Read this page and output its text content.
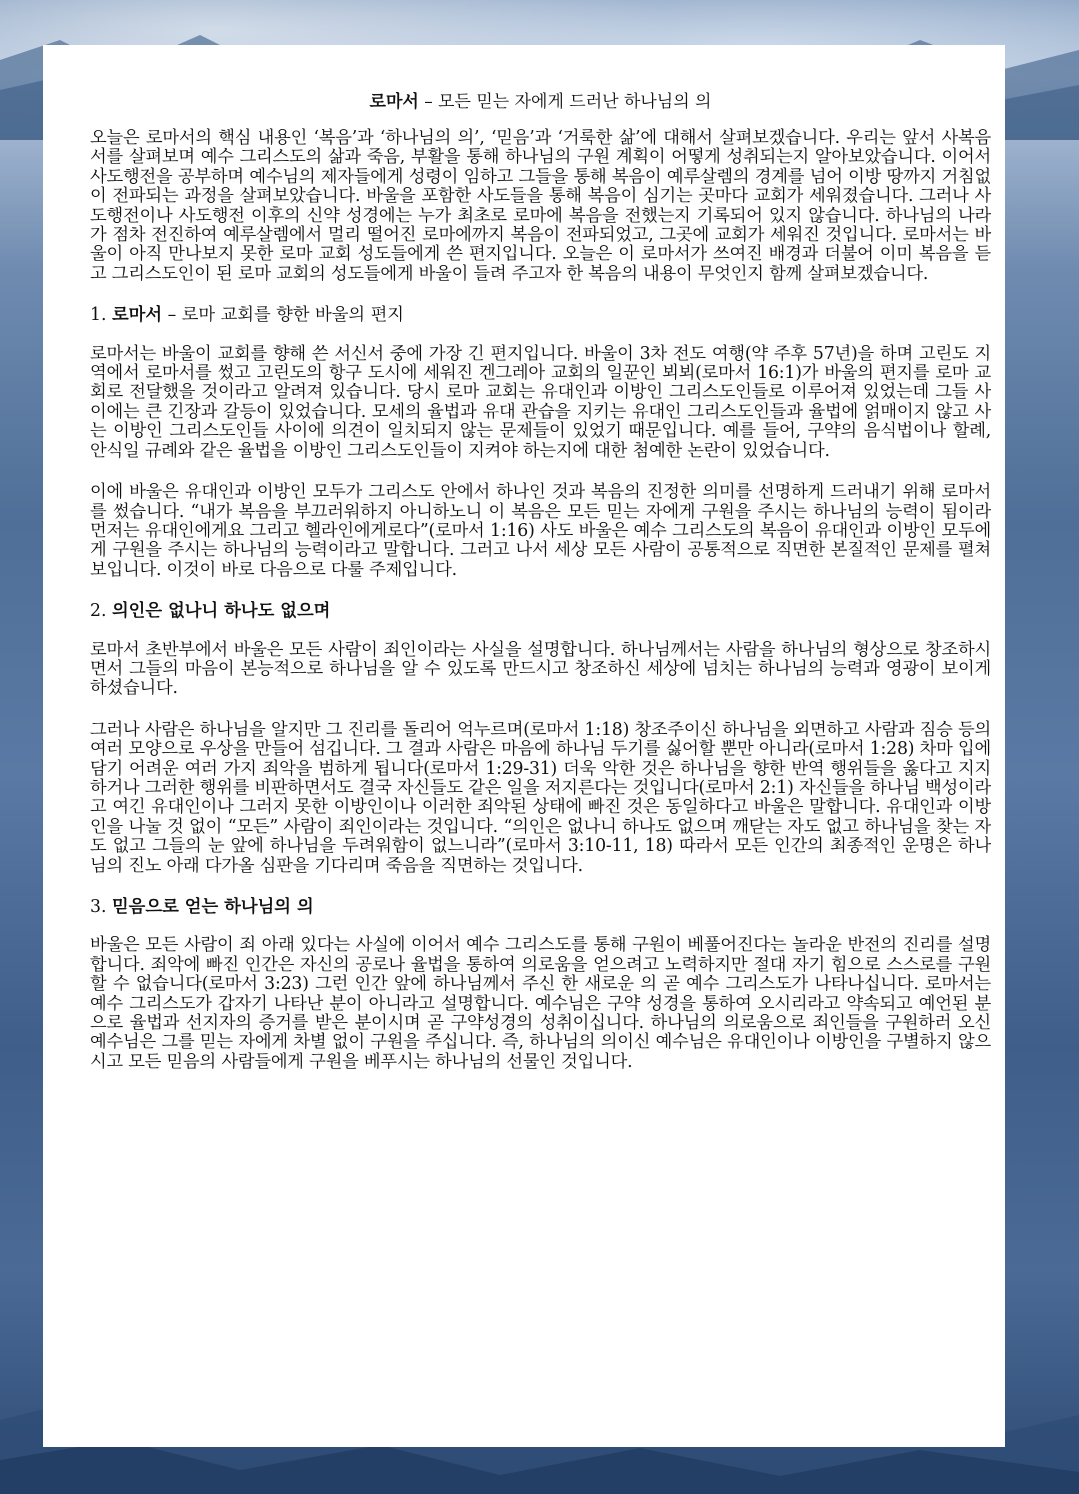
로마서 – 모든 믿는 자에게 드러난 하나님의 의

오늘은 로마서의 핵심 내용인 ‘복음’과 ‘하나님의 의’, ‘믿음’과 ‘거룩한 삶’에 대해서 살펴보겠습니다. 우리는 앞서 사복음서를 살펴보며 예수 그리스도의 삶과 죽음, 부활을 통해 하나님의 구원 계획이 어떻게 성취되는지 알아보았습니다. 이어서 사도행전을 공부하며 예수님의 제자들에게 성령이 임하고 그들을 통해 복음이 예루살렘의 경계를 넘어 이방 땅까지 거침없이 전파되는 과정을 살펴보았습니다. 바울을 포함한 사도들을 통해 복음이 심기는 곳마다 교회가 세워졌습니다. 그러나 사도행전이나 사도행전 이후의 신약 성경에는 누가 최초로 로마에 복음을 전했는지 기록되어 있지 않습니다. 하나님의 나라가 점차 전진하여 예루살렘에서 멀리 떨어진 로마에까지 복음이 전파되었고, 그곳에 교회가 세워진 것입니다. 로마서는 바울이 아직 만나보지 못한 로마 교회 성도들에게 쓴 편지입니다. 오늘은 이 로마서가 쓰여진 배경과 더불어 이미 복음을 듣고 그리스도인이 된 로마 교회의 성도들에게 바울이 들려 주고자 한 복음의 내용이 무엇인지 함께 살펴보겠습니다.

1. 로마서 – 로마 교회를 향한 바울의 편지

로마서는 바울이 교회를 향해 쓴 서신서 중에 가장 긴 편지입니다. 바울이 3차 전도 여행(약 주후 57년)을 하며 고린도 지역에서 로마서를 썼고 고린도의 항구 도시에 세워진 겐그레아 교회의 일꾼인 뵈뵈(로마서 16:1)가 바울의 편지를 로마 교회로 전달했을 것이라고 알려져 있습니다. 당시 로마 교회는 유대인과 이방인 그리스도인들로 이루어져 있었는데 그들 사이에는 큰 긴장과 갈등이 있었습니다. 모세의 율법과 유대 관습을 지키는 유대인 그리스도인들과 율법에 얽매이지 않고 사는 이방인 그리스도인들 사이에 의견이 일치되지 않는 문제들이 있었기 때문입니다. 예를 들어, 구약의 음식법이나 할례, 안식일 규례와 같은 율법을 이방인 그리스도인들이 지켜야 하는지에 대한 첨예한 논란이 있었습니다.

이에 바울은 유대인과 이방인 모두가 그리스도 안에서 하나인 것과 복음의 진정한 의미를 선명하게 드러내기 위해 로마서를 썼습니다. “내가 복음을 부끄러워하지 아니하노니 이 복음은 모든 믿는 자에게 구원을 주시는 하나님의 능력이 됨이라 먼저는 유대인에게요 그리고 헬라인에게로다”(로마서 1:16) 사도 바울은 예수 그리스도의 복음이 유대인과 이방인 모두에게 구원을 주시는 하나님의 능력이라고 말합니다. 그러고 나서 세상 모든 사람이 공통적으로 직면한 본질적인 문제를 펼쳐 보입니다. 이것이 바로 다음으로 다룰 주제입니다.

2. 의인은 없나니 하나도 없으며

로마서 초반부에서 바울은 모든 사람이 죄인이라는 사실을 설명합니다. 하나님께서는 사람을 하나님의 형상으로 창조하시면서 그들의 마음이 본능적으로 하나님을 알 수 있도록 만드시고 창조하신 세상에 넘치는 하나님의 능력과 영광이 보이게 하셨습니다.

그러나 사람은 하나님을 알지만 그 진리를 돌리어 억누르며(로마서 1:18) 창조주이신 하나님을 외면하고 사람과 짐승 등의 여러 모양으로 우상을 만들어 섬깁니다. 그 결과 사람은 마음에 하나님 두기를 싫어할 뿐만 아니라(로마서 1:28) 차마 입에 담기 어려운 여러 가지 죄악을 범하게 됩니다(로마서 1:29-31) 더욱 악한 것은 하나님을 향한 반역 행위들을 옳다고 지지하거나 그러한 행위를 비판하면서도 결국 자신들도 같은 일을 저지른다는 것입니다(로마서 2:1) 자신들을 하나님 백성이라고 여긴 유대인이나 그러지 못한 이방인이나 이러한 죄악된 상태에 빠진 것은 동일하다고 바울은 말합니다. 유대인과 이방인을 나눌 것 없이 “모든” 사람이 죄인이라는 것입니다. “의인은 없나니 하나도 없으며 깨닫는 자도 없고 하나님을 찾는 자도 없고 그들의 눈 앞에 하나님을 두려워함이 없느니라”(로마서 3:10-11, 18) 따라서 모든 인간의 최종적인 운명은 하나님의 진노 아래 다가올 심판을 기다리며 죽음을 직면하는 것입니다.

3. 믿음으로 얻는 하나님의 의

바울은 모든 사람이 죄 아래 있다는 사실에 이어서 예수 그리스도를 통해 구원이 베풀어진다는 놀라운 반전의 진리를 설명합니다. 죄악에 빠진 인간은 자신의 공로나 율법을 통하여 의로움을 얻으려고 노력하지만 절대 자기 힘으로 스스로를 구원할 수 없습니다(로마서 3:23) 그런 인간 앞에 하나님께서 주신 한 새로운 의 곧 예수 그리스도가 나타나십니다. 로마서는 예수 그리스도가 갑자기 나타난 분이 아니라고 설명합니다. 예수님은 구약 성경을 통하여 오시리라고 약속되고 예언된 분으로 율법과 선지자의 증거를 받은 분이시며 곧 구약성경의 성취이십니다. 하나님의 의로움으로 죄인들을 구원하러 오신 예수님은 그를 믿는 자에게 차별 없이 구원을 주십니다. 즉, 하나님의 의이신 예수님은 유대인이나 이방인을 구별하지 않으시고 모든 믿음의 사람들에게 구원을 베푸시는 하나님의 선물인 것입니다.
